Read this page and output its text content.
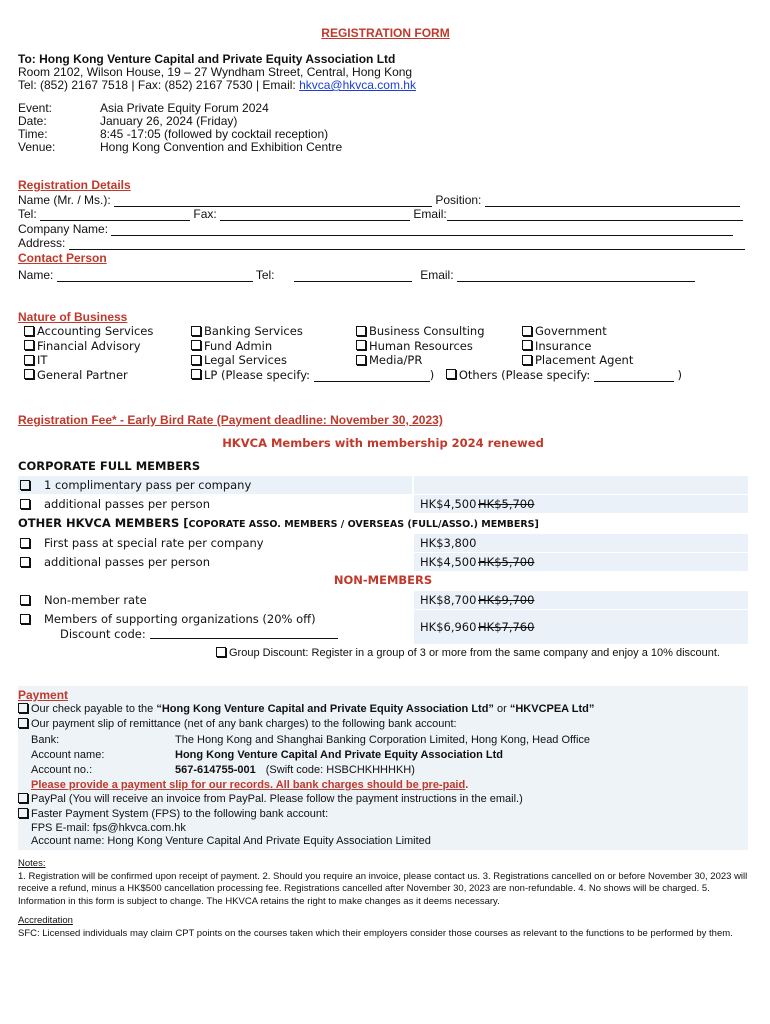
REGISTRATION FORM
To: Hong Kong Venture Capital and Private Equity Association Ltd
Room 2102, Wilson House, 19 – 27 Wyndham Street, Central, Hong Kong
Tel: (852) 2167 7518 | Fax: (852) 2167 7530 | Email: hkvca@hkvca.com.hk
Event:	Asia Private Equity Forum 2024
Date:	January 26, 2024 (Friday)
Time:	8:45 -17:05 (followed by cocktail reception)
Venue:	Hong Kong Convention and Exhibition Centre
Registration Details
Name (Mr. / Ms.):	Position:
Tel:	Fax:	Email:
Company Name:
Address:
Contact Person
Name:	Tel:	Email:
Nature of Business
Accounting Services
Financial Advisory
IT
General Partner
Banking Services
Fund Admin
Legal Services
LP (Please specify:	) Others (Please specify:	)
Business Consulting
Human Resources
Media/PR
Government
Insurance
Placement Agent
Registration Fee* - Early Bird Rate (Payment deadline: November 30, 2023)
HKVCA Members with membership 2024 renewed
CORPORATE FULL MEMBERS
1 complimentary pass per company
additional passes per person	HK$4,500 HK$5,700
OTHER HKVCA MEMBERS [COPORATE ASSO. MEMBERS / OVERSEAS (FULL/ASSO.) MEMBERS]
First pass at special rate per company	HK$3,800
additional passes per person	HK$4,500 HK$5,700
NON-MEMBERS
Non-member rate	HK$8,700 HK$9,700
Members of supporting organizations (20% off)
Discount code:	HK$6,960 HK$7,760
Group Discount: Register in a group of 3 or more from the same company and enjoy a 10% discount.
Payment
Our check payable to the “Hong Kong Venture Capital and Private Equity Association Ltd” or “HKVCPEA Ltd”
Our payment slip of remittance (net of any bank charges) to the following bank account:
Bank:	The Hong Kong and Shanghai Banking Corporation Limited, Hong Kong, Head Office
Account name:	Hong Kong Venture Capital And Private Equity Association Ltd
Account no.:	567-614755-001 (Swift code: HSBCHKHHHKH)
Please provide a payment slip for our records. All bank charges should be pre-paid.
PayPal (You will receive an invoice from PayPal. Please follow the payment instructions in the email.)
Faster Payment System (FPS) to the following bank account:
FPS E-mail: fps@hkvca.com.hk
Account name: Hong Kong Venture Capital And Private Equity Association Limited
Notes:
1. Registration will be confirmed upon receipt of payment. 2. Should you require an invoice, please contact us. 3. Registrations cancelled on or before November 30, 2023 will receive a refund, minus a HK$500 cancellation processing fee. Registrations cancelled after November 30, 2023 are non-refundable. 4. No shows will be charged. 5. Information in this form is subject to change. The HKVCA retains the right to make changes as it deems necessary.
Accreditation
SFC: Licensed individuals may claim CPT points on the courses taken which their employers consider those courses as relevant to the functions to be performed by them.
